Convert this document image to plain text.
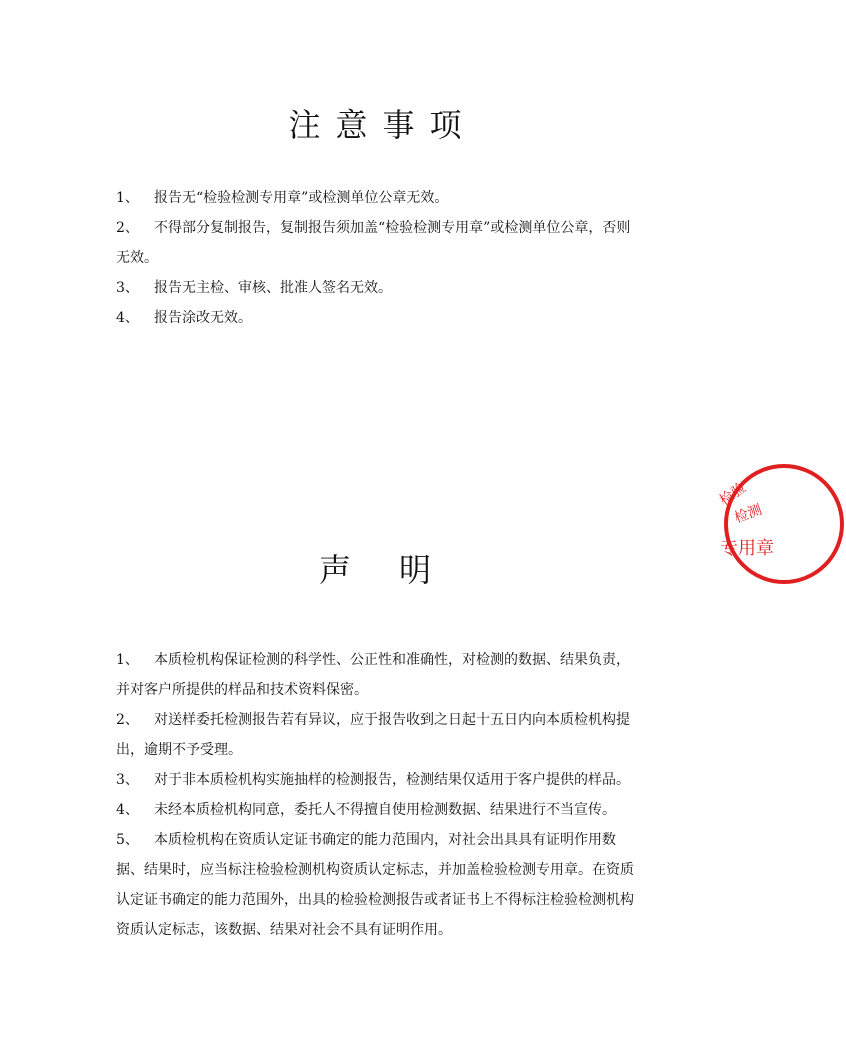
注意事项
1、 报告无“检验检测专用章”或检测单位公章无效。
2、 不得部分复制报告，复制报告须加盖“检验检测专用章”或检测单位公章，否则无效。
3、 报告无主检、审核、批准人签名无效。
4、 报告涂改无效。
专用章
检验
检测
声明
1、 本质检机构保证检测的科学性、公正性和准确性，对检测的数据、结果负责，并对客户所提供的样品和技术资料保密。
2、 对送样委托检测报告若有异议，应于报告收到之日起十五日内向本质检机构提出，逾期不予受理。
3、 对于非本质检机构实施抽样的检测报告，检测结果仅适用于客户提供的样品。
4、 未经本质检机构同意，委托人不得擅自使用检测数据、结果进行不当宣传。
5、 本质检机构在资质认定证书确定的能力范围内，对社会出具具有证明作用数据、结果时，应当标注检验检测机构资质认定标志，并加盖检验检测专用章。在资质认定证书确定的能力范围外，出具的检验检测报告或者证书上不得标注检验检测机构资质认定标志，该数据、结果对社会不具有证明作用。
